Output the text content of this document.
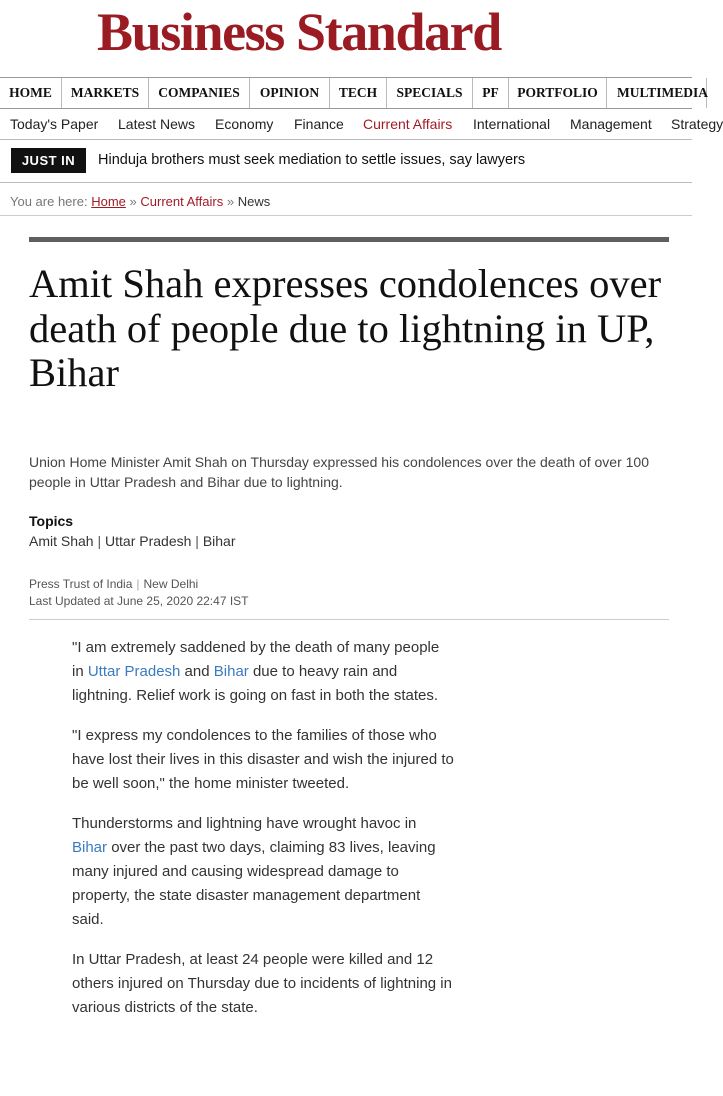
Business Standard
HOME	MARKETS	COMPANIES	OPINION	TECH	SPECIALS	PF	PORTFOLIO	MULTIMEDIA
Today's Paper Latest News Economy Finance Current Affairs International Management Strategy
JUST IN	Hinduja brothers must seek mediation to settle issues, say lawyers
You are here: Home » Current Affairs » News
Amit Shah expresses condolences over death of people due to lightning in UP, Bihar

Union Home Minister Amit Shah on Thursday expressed his condolences over the death of over 100 people in Uttar Pradesh and Bihar due to lightning.

Topics
Amit Shah | Uttar Pradesh | Bihar
Press Trust of India | New Delhi
Last Updated at June 25, 2020 22:47 IST

"I am extremely saddened by the death of many people in Uttar Pradesh and Bihar due to heavy rain and lightning. Relief work is going on fast in both the states.

"I express my condolences to the families of those who have lost their lives in this disaster and wish the injured to be well soon," the home minister tweeted.

Thunderstorms and lightning have wrought havoc in Bihar over the past two days, claiming 83 lives, leaving many injured and causing widespread damage to property, the state disaster management department said.

In Uttar Pradesh, at least 24 people were killed and 12 others injured on Thursday due to incidents of lightning in various districts of the state.
